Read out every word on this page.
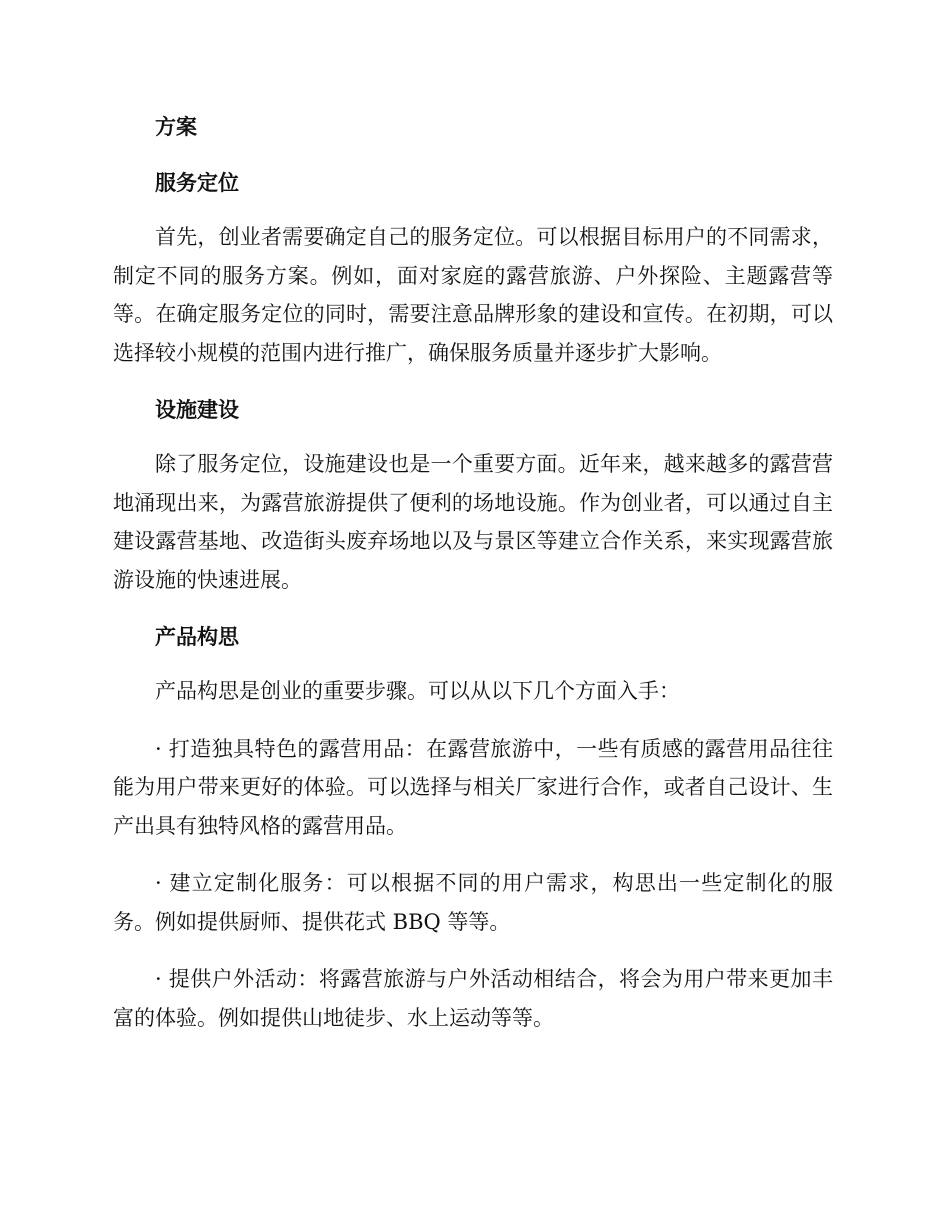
方案
服务定位

首先，创业者需要确定自己的服务定位。可以根据目标用户的不同需求，制定不同的服务方案。例如，面对家庭的露营旅游、户外探险、主题露营等等。在确定服务定位的同时，需要注意品牌形象的建设和宣传。在初期，可以选择较小规模的范围内进行推广，确保服务质量并逐步扩大影响。

设施建设

除了服务定位，设施建设也是一个重要方面。近年来，越来越多的露营营地涌现出来，为露营旅游提供了便利的场地设施。作为创业者，可以通过自主建设露营基地、改造街头废弃场地以及与景区等建立合作关系，来实现露营旅游设施的快速进展。

产品构思

产品构思是创业的重要步骤。可以从以下几个方面入手：

· 打造独具特色的露营用品：在露营旅游中，一些有质感的露营用品往往能为用户带来更好的体验。可以选择与相关厂家进行合作，或者自己设计、生产出具有独特风格的露营用品。

· 建立定制化服务：可以根据不同的用户需求，构思出一些定制化的服务。例如提供厨师、提供花式 BBQ 等等。

· 提供户外活动：将露营旅游与户外活动相结合，将会为用户带来更加丰富的体验。例如提供山地徒步、水上运动等等。
